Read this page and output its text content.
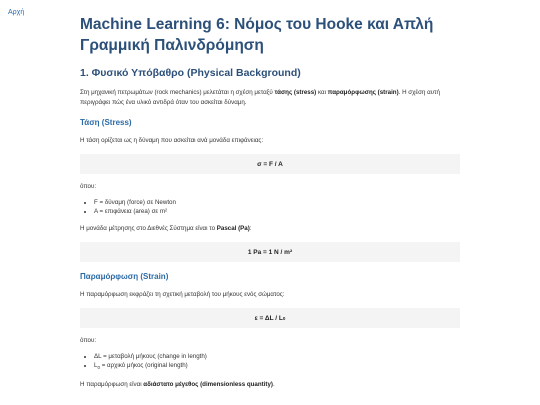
Αρχή
Machine Learning 6: Νόμος του Hooke και Απλή Γραμμική Παλινδρόμηση
1. Φυσικό Υπόβαθρο (Physical Background)

Στη μηχανική πετρωμάτων (rock mechanics) μελετάται η σχέση μεταξύ τάσης (stress) και παραμόρφωσης (strain). Η σχέση αυτή περιγράφει πώς ένα υλικό αντιδρά όταν του ασκείται δύναμη.

Τάση (Stress)

Η τάση ορίζεται ως η δύναμη που ασκείται ανά μονάδα επιφάνειας:

σ = F / A

όπου:

• F = δύναμη (force) σε Newton
• A = επιφάνεια (area) σε m²

Η μονάδα μέτρησης στο Διεθνές Σύστημα είναι το Pascal (Pa):

1 Pa = 1 N / m²
Παραμόρφωση (Strain)

Η παραμόρφωση εκφράζει τη σχετική μεταβολή του μήκους ενός σώματος:

ε = ΔL / L 0

όπου:

• ΔL = μεταβολή μήκους (change in length)
• $L_0 = \alpha\rho\chi\iota\kappa ό$ μήκος (original length)

Η παραμόρφωση είναι αδιάστατο μέγεθος (dimensionless quantity).
